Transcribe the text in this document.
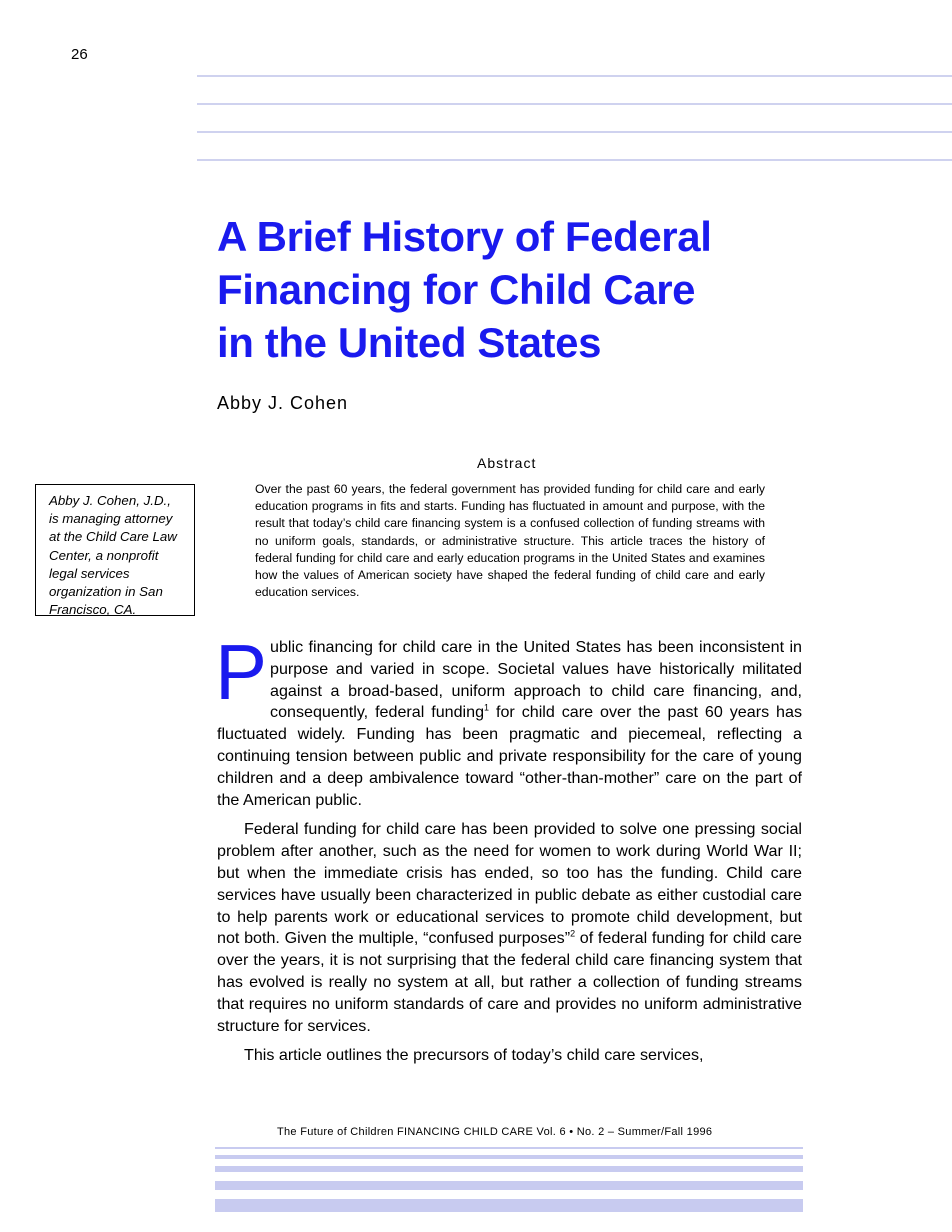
26
A Brief History of Federal
Financing for Child Care
in the United States
Abby J. Cohen
Abstract

Over the past 60 years, the federal government has provided funding for child care and early education programs in fits and starts. Funding has fluctuated in amount and purpose, with the result that today’s child care financing system is a confused collection of funding streams with no uniform goals, standards, or administrative structure. This article traces the history of federal funding for child care and early education programs in the United States and examines how the values of American society have shaped the federal funding of child care and early education services.

Abby J. Cohen, J.D., is managing attorney at the Child Care Law Center, a nonprofit legal services organization in San Francisco, CA.

Public financing for child care in the United States has been inconsistent in purpose and varied in scope. Societal values have historically militated against a broad-based, uniform approach to child care financing, and, consequently, federal funding$^1$ for child care over the past 60 years has fluctuated widely. Funding has been pragmatic and piecemeal, reflecting a continuing tension between public and private responsibility for the care of young children and a deep ambivalence toward “other-than-mother” care on the part of the American public.

Federal funding for child care has been provided to solve one pressing social problem after another, such as the need for women to work during World War II; but when the immediate crisis has ended, so too has the funding. Child care services have usually been characterized in public debate as either custodial care to help parents work or educational services to promote child development, but not both. Given the multiple, “confused purposes”$^2$ of federal funding for child care over the years, it is not surprising that the federal child care financing system that has evolved is really no system at all, but rather a collection of funding streams that requires no uniform standards of care and provides no uniform administrative structure for services.

This article outlines the precursors of today’s child care services,

The Future of Children FINANCING CHILD CARE Vol. 6 • No. 2 – Summer/Fall 1996
